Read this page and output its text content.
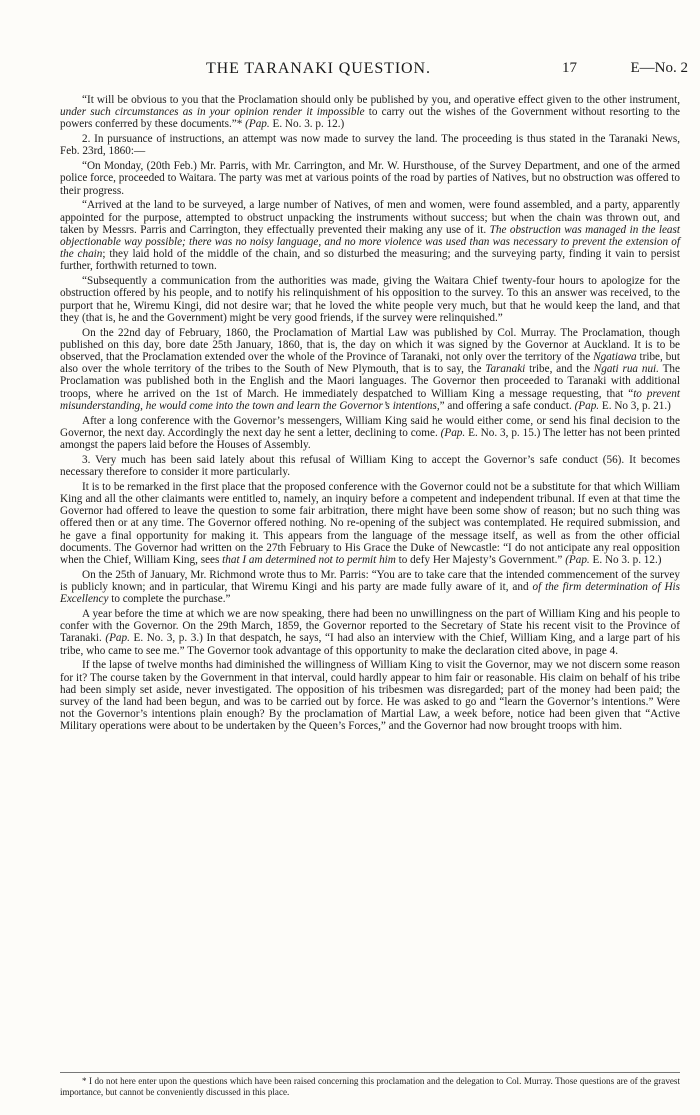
THE TARANAKI QUESTION.	17	E—No. 2

“It will be obvious to you that the Proclamation should only be published by you, and operative effect given to the other instrument, under such circumstances as in your opinion render it impossible to carry out the wishes of the Government without resorting to the powers conferred by these documents.”* (Pap. E. No. 3. p. 12.)

2. In pursuance of instructions, an attempt was now made to survey the land. The proceeding is thus stated in the Taranaki News, Feb. 23rd, 1860:—

“On Monday, (20th Feb.) Mr. Parris, with Mr. Carrington, and Mr. W. Hursthouse, of the Survey Department, and one of the armed police force, proceeded to Waitara. The party was met at various points of the road by parties of Natives, but no obstruction was offered to their progress.

“Arrived at the land to be surveyed, a large number of Natives, of men and women, were found assembled, and a party, apparently appointed for the purpose, attempted to obstruct unpacking the instruments without success; but when the chain was thrown out, and taken by Messrs. Parris and Carrington, they effectually prevented their making any use of it. The obstruction was managed in the least objectionable way possible; there was no noisy language, and no more violence was used than was necessary to prevent the extension of the chain; they laid hold of the middle of the chain, and so disturbed the measuring; and the surveying party, finding it vain to persist further, forthwith returned to town.

“Subsequently a communication from the authorities was made, giving the Waitara Chief twenty-four hours to apologize for the obstruction offered by his people, and to notify his relinquishment of his opposition to the survey. To this an answer was received, to the purport that he, Wiremu Kingi, did not desire war; that he loved the white people very much, but that he would keep the land, and that they (that is, he and the Government) might be very good friends, if the survey were relinquished.”

On the 22nd day of February, 1860, the Proclamation of Martial Law was published by Col. Murray. The Proclamation, though published on this day, bore date 25th January, 1860, that is, the day on which it was signed by the Governor at Auckland. It is to be observed, that the Proclamation extended over the whole of the Province of Taranaki, not only over the territory of the Ngatiawa tribe, but also over the whole territory of the tribes to the South of New Plymouth, that is to say, the Taranaki tribe, and the Ngati rua nui. The Proclamation was published both in the English and the Maori languages. The Governor then proceeded to Taranaki with additional troops, where he arrived on the 1st of March. He immediately despatched to William King a message requesting, that “to prevent misunderstanding, he would come into the town and learn the Governor’s intentions,” and offering a safe conduct. (Pap. E. No 3, p. 21.)

After a long conference with the Governor’s messengers, William King said he would either come, or send his final decision to the Governor, the next day. Accordingly the next day he sent a letter, declining to come. (Pap. E. No. 3, p. 15.) The letter has not been printed amongst the papers laid before the Houses of Assembly.

3. Very much has been said lately about this refusal of William King to accept the Governor’s safe conduct (56). It becomes necessary therefore to consider it more particularly.

It is to be remarked in the first place that the proposed conference with the Governor could not be a substitute for that which William King and all the other claimants were entitled to, namely, an inquiry before a competent and independent tribunal. If even at that time the Governor had offered to leave the question to some fair arbitration, there might have been some show of reason; but no such thing was offered then or at any time. The Governor offered nothing. No re-opening of the subject was contemplated. He required submission, and he gave a final opportunity for making it. This appears from the language of the message itself, as well as from the other official documents. The Governor had written on the 27th February to His Grace the Duke of Newcastle: “I do not anticipate any real opposition when the Chief, William King, sees that I am determined not to permit him to defy Her Majesty’s Government.” (Pap. E. No 3. p. 12.)

On the 25th of January, Mr. Richmond wrote thus to Mr. Parris: “You are to take care that the intended commencement of the survey is publicly known; and in particular, that Wiremu Kingi and his party are made fully aware of it, and of the firm determination of His Excellency to complete the purchase.”

A year before the time at which we are now speaking, there had been no unwillingness on the part of William King and his people to confer with the Governor. On the 29th March, 1859, the Governor reported to the Secretary of State his recent visit to the Province of Taranaki. (Pap. E. No. 3, p. 3.) In that despatch, he says, “I had also an interview with the Chief, William King, and a large part of his tribe, who came to see me.” The Governor took advantage of this opportunity to make the declaration cited above, in page 4.

If the lapse of twelve months had diminished the willingness of William King to visit the Governor, may we not discern some reason for it? The course taken by the Government in that interval, could hardly appear to him fair or reasonable. His claim on behalf of his tribe had been simply set aside, never investigated. The opposition of his tribesmen was disregarded; part of the money had been paid; the survey of the land had been begun, and was to be carried out by force. He was asked to go and “learn the Governor’s intentions.” Were not the Governor’s intentions plain enough? By the proclamation of Martial Law, a week before, notice had been given that “Active Military operations were about to be undertaken by the Queen’s Forces,” and the Governor had now brought troops with him.

* I do not here enter upon the questions which have been raised concerning this proclamation and the delegation to Col. Murray. Those questions are of the gravest importance, but cannot be conveniently discussed in this place.
